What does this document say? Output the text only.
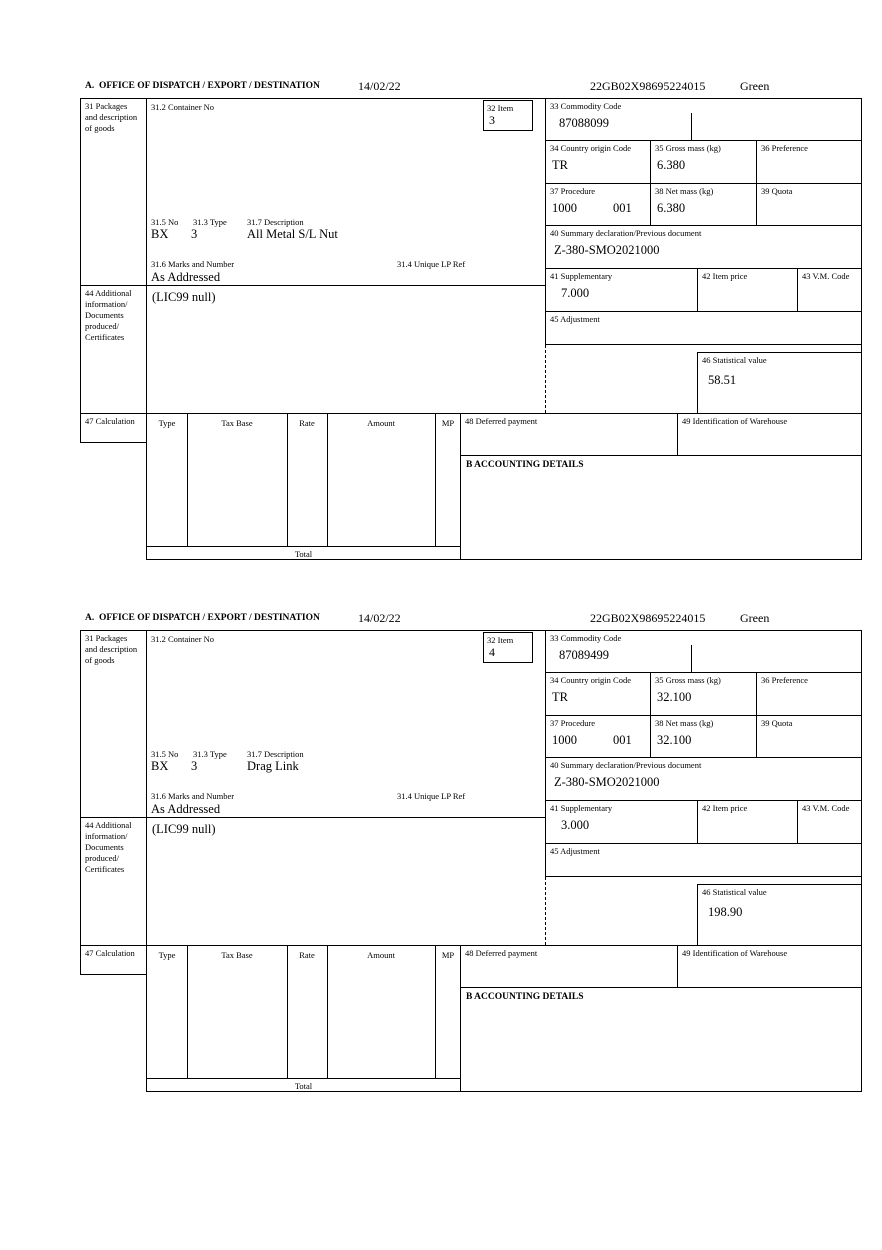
A.  OFFICE OF DISPATCH / EXPORT / DESTINATION	14/02/22	22GB02X98695224015	Green
31 Packages and description of goods
31.2 Container No
31.5 No 31.3 Type 31.7 Description
BX 3	All Metal S/L Nut
31.6 Marks and Number	31.4 Unique LP Ref
As Addressed
32 Item
3
33 Commodity Code
87088099
34 Country origin Code
TR
35 Gross mass (kg)
6.380
36 Preference
37 Procedure
1000	001
38 Net mass (kg)
6.380
39 Quota
40 Summary declaration/Previous document
Z-380-SMO2021000
41 Supplementary
7.000
42 Item price	43 V.M. Code
44 Additional information/ Documents produced/ Certificates
(LIC99 null)
45 Adjustment
46 Statistical value
58.51
47 Calculation	Type	Tax Base	Rate	Amount	MP
Total
48 Deferred payment	49 Identification of Warehouse
B ACCOUNTING DETAILS
A.  OFFICE OF DISPATCH / EXPORT / DESTINATION	14/02/22	22GB02X98695224015	Green
31 Packages and description of goods
31.2 Container No
31.5 No 31.3 Type 31.7 Description
BX 3	Drag Link
31.6 Marks and Number	31.4 Unique LP Ref
As Addressed
32 Item
4
33 Commodity Code
87089499
34 Country origin Code
TR
35 Gross mass (kg)
32.100
36 Preference
37 Procedure
1000	001
38 Net mass (kg)
32.100
39 Quota
40 Summary declaration/Previous document
Z-380-SMO2021000
41 Supplementary
3.000
42 Item price	43 V.M. Code
44 Additional information/ Documents produced/ Certificates
(LIC99 null)
45 Adjustment
46 Statistical value
198.90
47 Calculation	Type	Tax Base	Rate	Amount	MP
Total
48 Deferred payment	49 Identification of Warehouse
B ACCOUNTING DETAILS
